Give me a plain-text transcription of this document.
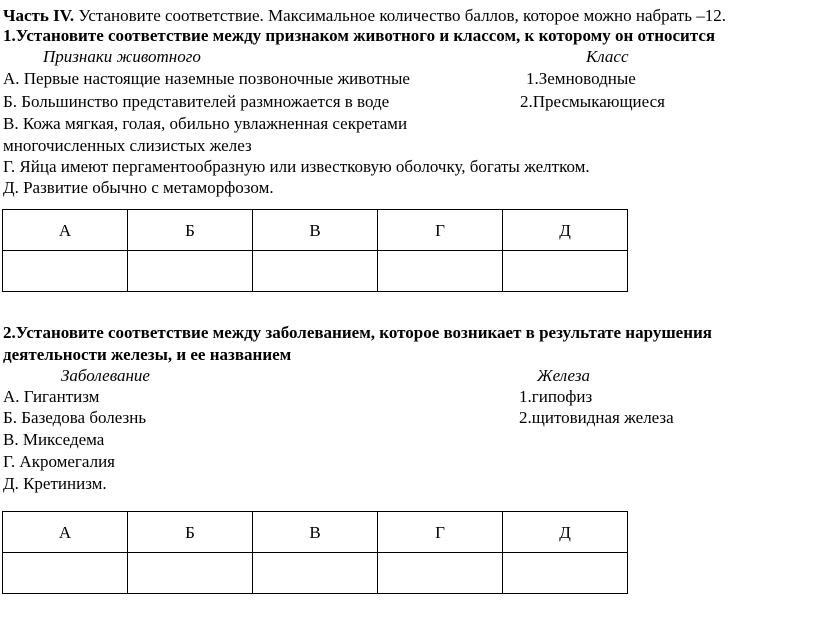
Часть IV. Установите соответствие. Максимальное количество баллов, которое можно набрать –12.
1.Установите соответствие между признаком животного и классом, к которому он относится
Признаки животного	Класс
А. Первые настоящие наземные позвоночные животные	1.Земноводные
Б. Большинство представителей размножается в воде	2.Пресмыкающиеся
В. Кожа мягкая, голая, обильно увлажненная секретами
многочисленных слизистых желез
Г. Яйца имеют пергаментообразную или известковую оболочку, богаты желтком.
Д. Развитие обычно с метаморфозом.
А	Б	В	Г	Д

2.Установите соответствие между заболеванием, которое возникает в результате нарушения
деятельности железы, и ее названием
Заболевание	Железа
А. Гигантизм	1.гипофиз
Б. Базедова болезнь	2.щитовидная железа
В. Микседема
Г. Акромегалия
Д. Кретинизм.
А	Б	В	Г	Д
